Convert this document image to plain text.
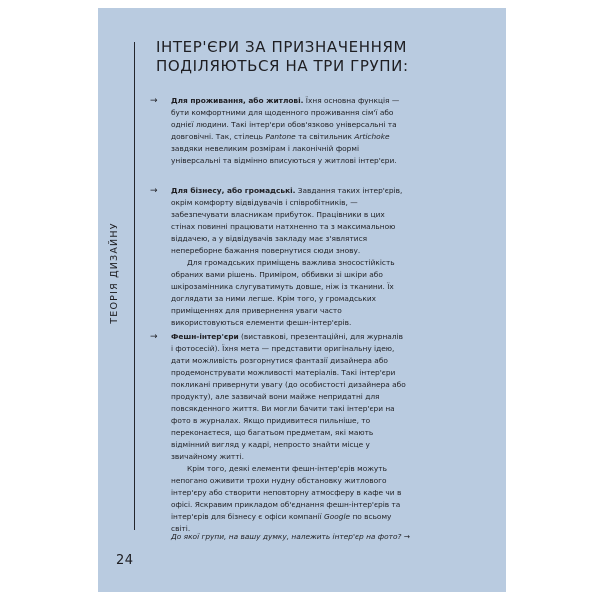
ТЕОРІЯ ДИЗАЙНУ
24
ІНТЕР'ЄРИ ЗА ПРИЗНАЧЕННЯМ
ПОДІЛЯЮТЬСЯ НА ТРИ ГРУПИ:
→ Для проживання, або житлові. Їхня основна функція — бути комфортними для щоденного проживання сім'ї або однієї людини. Такі інтер'єри обов'язково універсальні та довговічні. Так, стілець Pantone та світильник Artichoke завдяки невеликим розмірам і лаконічній формі універсальні та відмінно вписуються у житлові інтер'єри.

→ Для бізнесу, або громадські. Завдання таких інтер'єрів, окрім комфорту відвідувачів і співробітників, — забезпечувати власникам прибуток. Працівники в цих стінах повинні працювати натхненно та з максимальною віддачею, а у відвідувачів закладу має з'являтися непереборне бажання повернутися сюди знову.

Для громадських приміщень важлива зносостійкість обраних вами рішень. Приміром, оббивки зі шкіри або шкірозамінника слугуватимуть довше, ніж із тканини. Їх доглядати за ними легше. Крім того, у громадських приміщеннях для привернення уваги часто використовуються елементи фешн-інтер'єрів.

→ Фешн-інтер'єри (виставкові, презентаційні, для журналів і фотосесій). Їхня мета — представити оригінальну ідею, дати можливість розгорнутися фантазії дизайнера або продемонструвати можливості матеріалів. Такі інтер'єри покликані привернути увагу (до особистості дизайнера або продукту), але зазвичай вони майже непридатні для повсякденного життя. Ви могли бачити такі інтер'єри на фото в журналах. Якщо придивитеся пильніше, то переконаєтеся, що багатьом предметам, які мають відмінний вигляд у кадрі, непросто знайти місце у звичайному житті.

Крім того, деякі елементи фешн-інтер'єрів можуть непогано оживити трохи нудну обстановку житлового інтер'єру або створити неповторну атмосферу в кафе чи в офісі. Яскравим прикладом об'єднання фешн-інтер'єрів та інтер'єрів для бізнесу є офіси компанії Google по всьому світі.

До якої групи, на вашу думку, належить інтер'єр на фото? →
